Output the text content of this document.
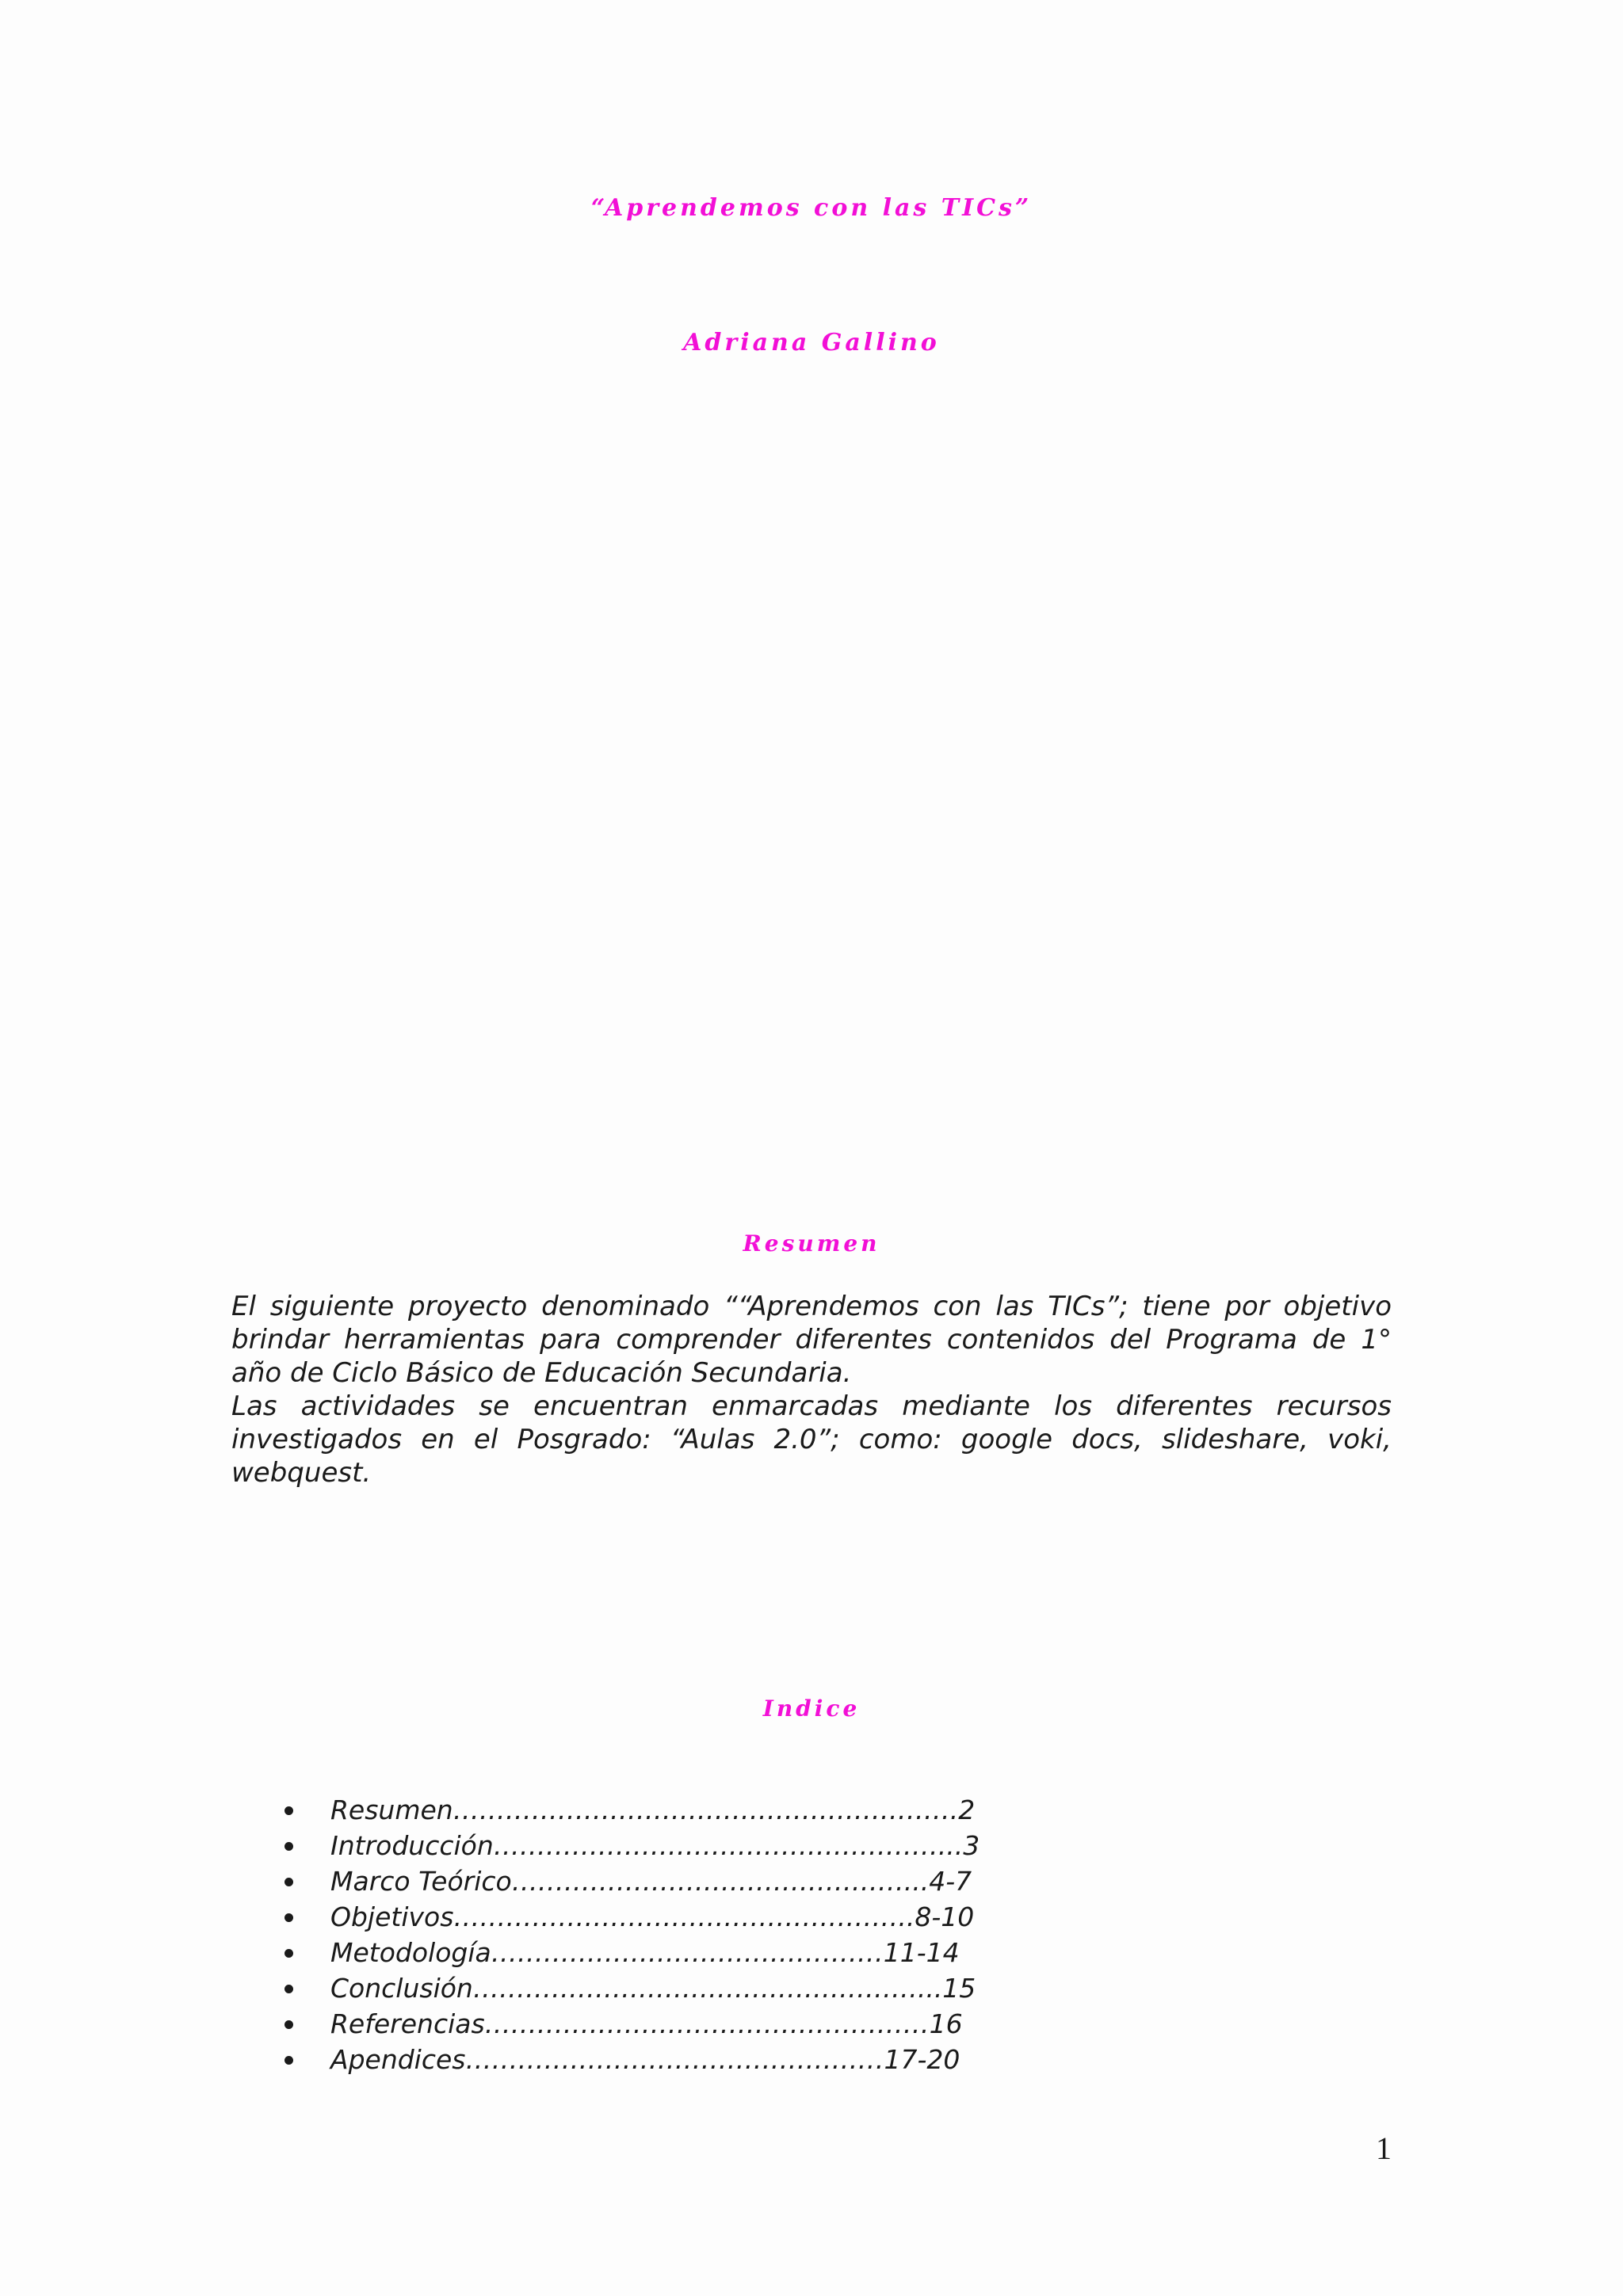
“Aprendemos con las TICs”
Adriana Gallino
Resumen

El siguiente proyecto denominado ““Aprendemos con las TICs”; tiene por objetivo brindar herramientas para comprender diferentes contenidos del Programa de 1° año de Ciclo Básico de Educación Secundaria.

Las actividades se encuentran enmarcadas mediante los diferentes recursos investigados en el Posgrado: “Aulas 2.0”; como: google docs, slideshare, voki, webquest.

Indice
Resumen………………………………………………….2
Introducción……………………………………………...3
Marco Teórico………………………………………...4-7
Objetivos……………………………………………..8-10
Metodología………………………………………11-14
Conclusión……………………………………………...15
Referencias……………………………………………16
Apendices…………………………………………17-20
1
